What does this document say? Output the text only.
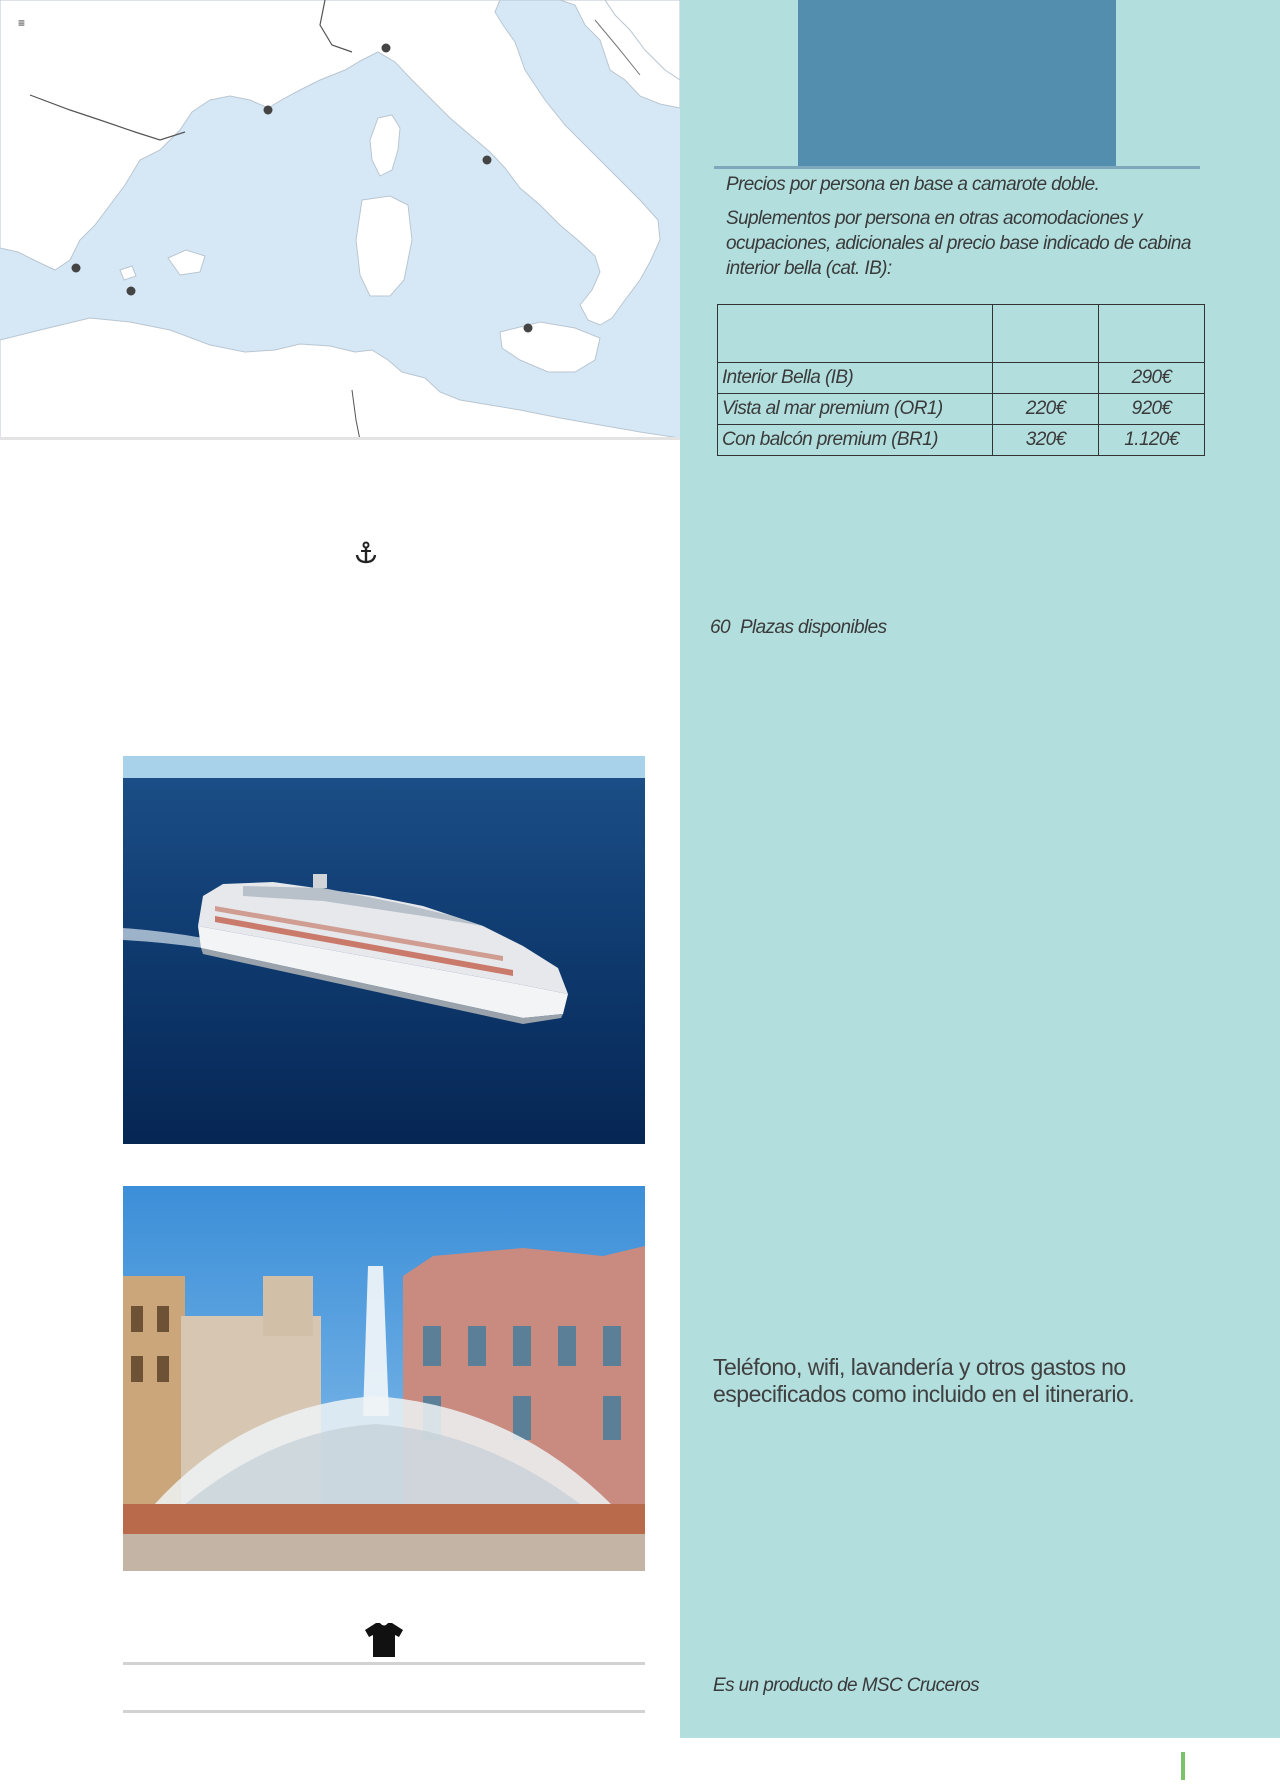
≡
Precios por persona en base a camarote doble.
Suplementos por persona en otras acomodaciones y ocupaciones, adicionales al precio base indicado de cabina interior bella (cat. IB):

Interior Bella (IB)		290€
Vista al mar premium (OR1)	220€	920€
Con balcón premium (BR1)	320€	1.120€
60 Plazas disponibles
Teléfono, wifi, lavandería y otros gastos no especificados como incluido en el itinerario.
Es un producto de MSC Cruceros
